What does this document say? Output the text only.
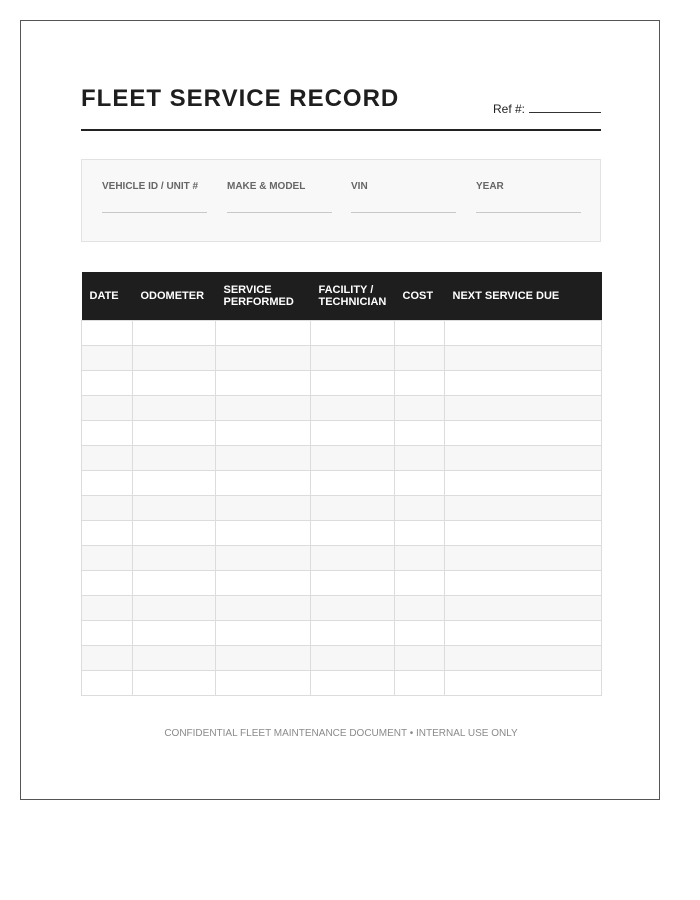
FLEET SERVICE RECORD	Ref #:
VEHICLE ID / UNIT #	MAKE & MODEL	VIN	YEAR
DATE	ODOMETER	SERVICE PERFORMED	FACILITY / TECHNICIAN	COST	NEXT SERVICE DUE

CONFIDENTIAL FLEET MAINTENANCE DOCUMENT • INTERNAL USE ONLY
